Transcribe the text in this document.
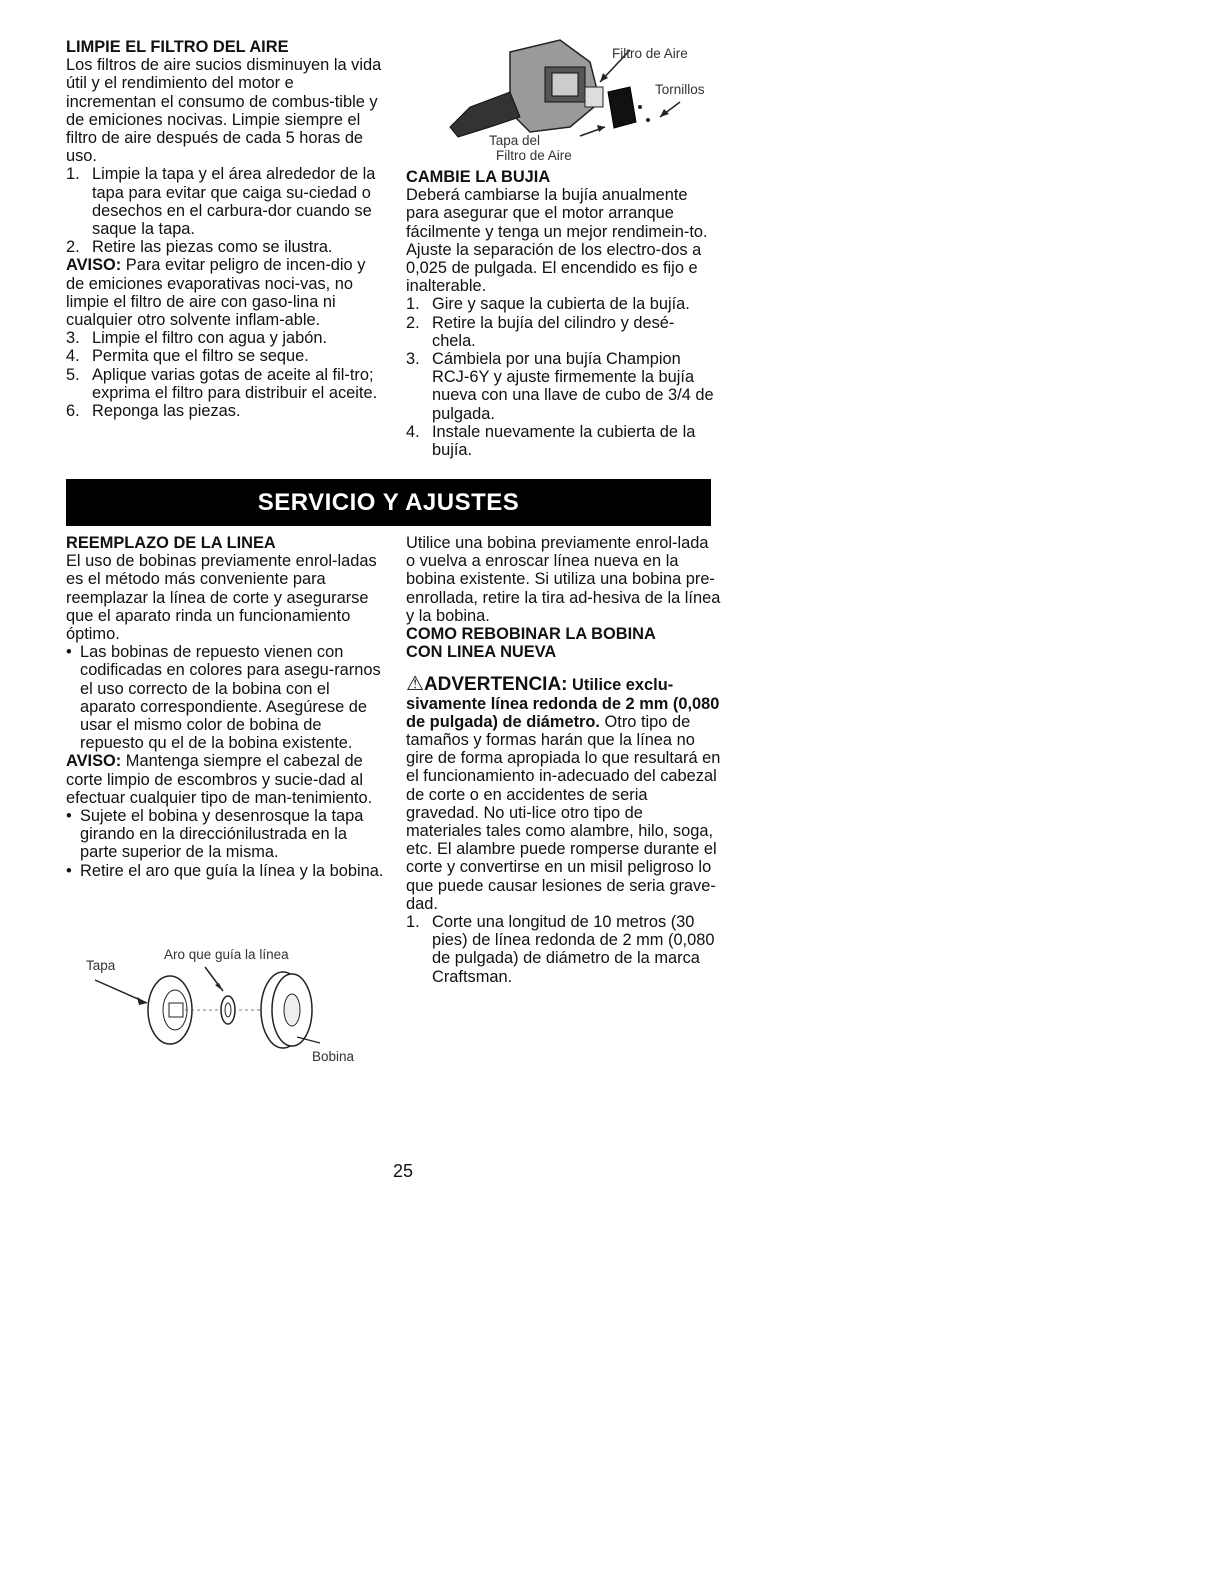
LIMPIE EL FILTRO DEL AIRE

Los filtros de aire sucios disminuyen la vida útil y el rendimiento del motor e incrementan el consumo de combus-tible y de emiciones nocivas. Limpie siempre el filtro de aire después de cada 5 horas de uso.

1. Limpie la tapa y el área alrededor de la tapa para evitar que caiga su-ciedad o desechos en el carbura-dor cuando se saque la tapa.
2. Retire las piezas como se ilustra.

AVISO: Para evitar peligro de incen-dio y de emiciones evaporativas noci-vas, no limpie el filtro de aire con gaso-lina ni cualquier otro solvente inflam-able.

3. Limpie el filtro con agua y jabón.
4. Permita que el filtro se seque.
5. Aplique varias gotas de aceite al fil-tro; exprima el filtro para distribuir el aceite.
6. Reponga las piezas.
Filtro de Aire
Tornillos
Tapa del
Filtro de Aire

CAMBIE LA BUJIA

Deberá cambiarse la bujía anualmente para asegurar que el motor arranque fácilmente y tenga un mejor rendimein-to. Ajuste la separación de los electro-dos a 0,025 de pulgada. El encendido es fijo e inalterable.

1. Gire y saque la cubierta de la bujía.
2. Retire la bujía del cilindro y desé-chela.
3. Cámbiela por una bujía Champion RCJ-6Y y ajuste firmemente la bujía nueva con una llave de cubo de 3/4 de pulgada.
4. Instale nuevamente la cubierta de la bujía.
SERVICIO Y AJUSTES

REEMPLAZO DE LA LINEA

El uso de bobinas previamente enrol-ladas es el método más conveniente para reemplazar la línea de corte y asegurarse que el aparato rinda un funcionamiento óptimo.

• Las bobinas de repuesto vienen con codificadas en colores para asegu-rarnos el uso correcto de la bobina con el aparato correspondiente. Asegúrese de usar el mismo color de bobina de repuesto qu el de la bobina existente.

AVISO: Mantenga siempre el cabezal de corte limpio de escombros y sucie-dad al efectuar cualquier tipo de man-tenimiento.

• Sujete el bobina y desenrosque la tapa girando en la direcciónilustrada en la parte superior de la misma.
• Retire el aro que guía la línea y la bobina.
Tapa
Aro que guía la línea
Bobina

Utilice una bobina previamente enrol-lada o vuelva a enroscar línea nueva en la bobina existente. Si utiliza una bobina pre-enrollada, retire la tira ad-hesiva de la línea y la bobina.

COMO REBOBINAR LA BOBINA

CON LINEA NUEVA

⚠ADVERTENCIA: Utilice exclu-sivamente línea redonda de 2 mm (0,080 de pulgada) de diámetro. Otro tipo de tamaños y formas harán que la línea no gire de forma apropiada lo que resultará en el funcionamiento in-adecuado del cabezal de corte o en accidentes de seria gravedad. No uti-lice otro tipo de materiales tales como alambre, hilo, soga, etc. El alambre puede romperse durante el corte y convertirse en un misil peligroso lo que puede causar lesiones de seria grave-dad.

1. Corte una longitud de 10 metros (30 pies) de línea redonda de 2 mm (0,080 de pulgada) de diámetro de la marca Craftsman.
25
